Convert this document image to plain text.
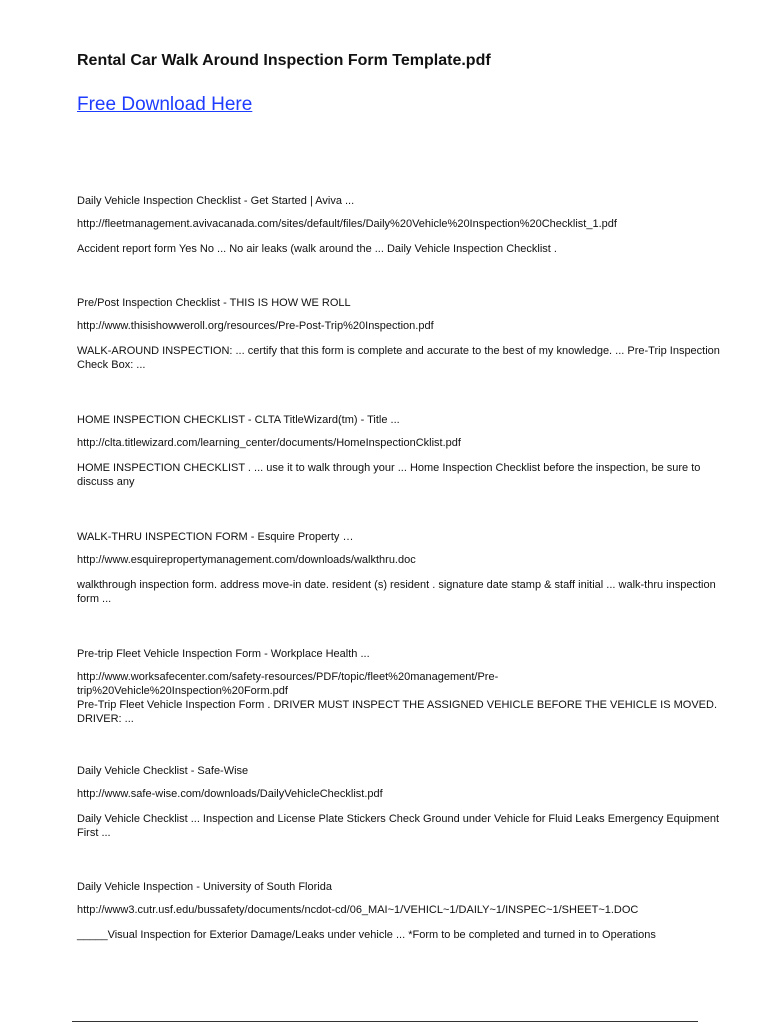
Rental Car Walk Around Inspection Form Template.pdf
Free Download Here

Daily Vehicle Inspection Checklist - Get Started | Aviva ...

http://fleetmanagement.avivacanada.com/sites/default/files/Daily%20Vehicle%20Inspection%20Checklist_1.pdf

Accident report form Yes No ... No air leaks (walk around the ... Daily Vehicle Inspection Checklist .

Pre/Post Inspection Checklist - THIS IS HOW WE ROLL

http://www.thisishowweroll.org/resources/Pre-Post-Trip%20Inspection.pdf

WALK-AROUND INSPECTION: ... certify that this form is complete and accurate to the best of my knowledge. ... Pre-Trip Inspection Check Box: ...

HOME INSPECTION CHECKLIST - CLTA TitleWizard(tm) - Title ...

http://clta.titlewizard.com/learning_center/documents/HomeInspectionCklist.pdf

HOME INSPECTION CHECKLIST . ... use it to walk through your ... Home Inspection Checklist before the inspection, be sure to discuss any

WALK-THRU INSPECTION FORM - Esquire Property …

http://www.esquirepropertymanagement.com/downloads/walkthru.doc

walkthrough inspection form. address move-in date. resident (s) resident . signature date stamp & staff initial ... walk-thru inspection form ...

Pre-trip Fleet Vehicle Inspection Form - Workplace Health ...

http://www.worksafecenter.com/safety-resources/PDF/topic/fleet%20management/Pre-trip%20Vehicle%20Inspection%20Form.pdf

Pre-Trip Fleet Vehicle Inspection Form . DRIVER MUST INSPECT THE ASSIGNED VEHICLE BEFORE THE VEHICLE IS MOVED. DRIVER: ...

Daily Vehicle Checklist - Safe-Wise

http://www.safe-wise.com/downloads/DailyVehicleChecklist.pdf

Daily Vehicle Checklist ... Inspection and License Plate Stickers Check Ground under Vehicle for Fluid Leaks Emergency Equipment First ...

Daily Vehicle Inspection - University of South Florida

http://www3.cutr.usf.edu/bussafety/documents/ncdot-cd/06_MAI~1/VEHICL~1/DAILY~1/INSPEC~1/SHEET~1.DOC

_____Visual Inspection for Exterior Damage/Leaks under vehicle ... *Form to be completed and turned in to Operations
